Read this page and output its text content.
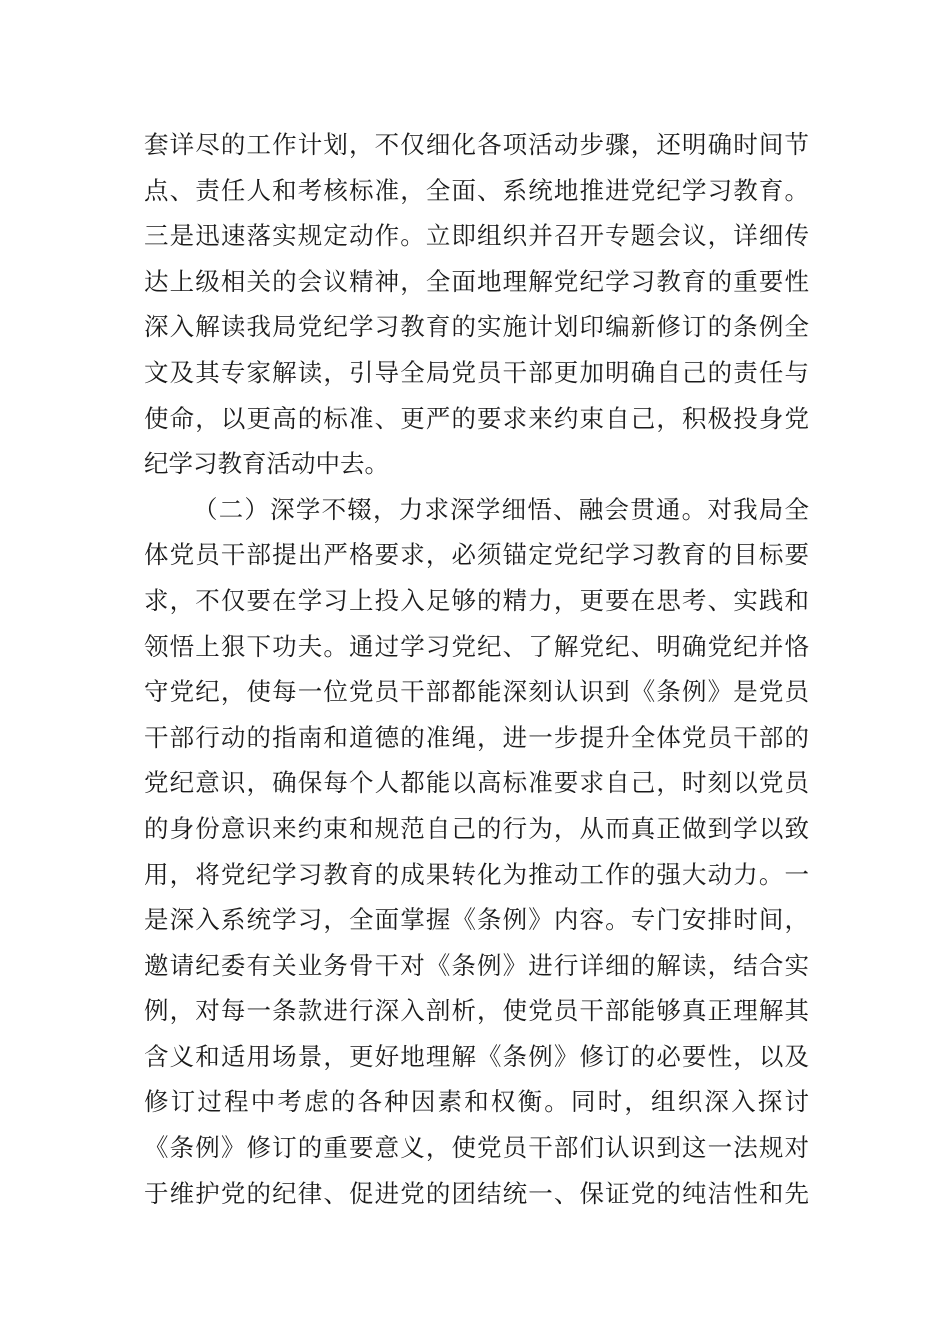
套详尽的工作计划，不仅细化各项活动步骤，还明确时间节
点、责任人和考核标准，全面、系统地推进党纪学习教育。
三是迅速落实规定动作。立即组织并召开专题会议，详细传
达上级相关的会议精神，全面地理解党纪学习教育的重要性
深入解读我局党纪学习教育的实施计划印编新修订的条例全
文及其专家解读，引导全局党员干部更加明确自己的责任与
使命，以更高的标准、更严的要求来约束自己，积极投身党
纪学习教育活动中去。
（二）深学不辍，力求深学细悟、融会贯通。对我局全
体党员干部提出严格要求，必须锚定党纪学习教育的目标要
求，不仅要在学习上投入足够的精力，更要在思考、实践和
领悟上狠下功夫。通过学习党纪、了解党纪、明确党纪并恪
守党纪，使每一位党员干部都能深刻认识到《条例》是党员
干部行动的指南和道德的准绳，进一步提升全体党员干部的
党纪意识，确保每个人都能以高标准要求自己，时刻以党员
的身份意识来约束和规范自己的行为，从而真正做到学以致
用，将党纪学习教育的成果转化为推动工作的强大动力。一
是深入系统学习，全面掌握《条例》内容。专门安排时间，
邀请纪委有关业务骨干对《条例》进行详细的解读，结合实
例，对每一条款进行深入剖析，使党员干部能够真正理解其
含义和适用场景，更好地理解《条例》修订的必要性，以及
修订过程中考虑的各种因素和权衡。同时，组织深入探讨
《条例》修订的重要意义，使党员干部们认识到这一法规对
于维护党的纪律、促进党的团结统一、保证党的纯洁性和先
